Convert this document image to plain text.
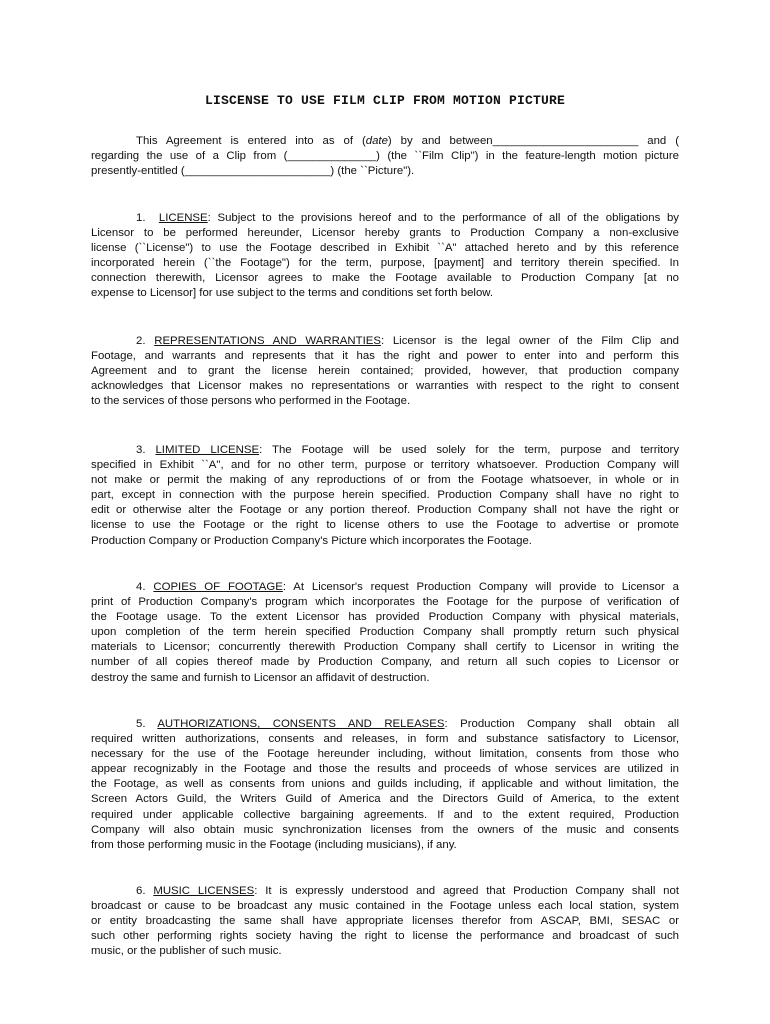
LISCENSE TO USE FILM CLIP FROM MOTION PICTURE
This Agreement is entered into as of (date) by and between_______________________ and (
regarding the use of a Clip from (______________) (the ``Film Clip") in the feature-length motion picture
presently-entitled (_______________________) (the ``Picture").
1. LICENSE: Subject to the provisions hereof and to the performance of all of the obligations by
Licensor to be performed hereunder, Licensor hereby grants to Production Company a non-exclusive
license (``License") to use the Footage described in Exhibit ``A" attached hereto and by this reference
incorporated herein (``the Footage") for the term, purpose, [payment] and territory therein specified. In
connection therewith, Licensor agrees to make the Footage available to Production Company [at no
expense to Licensor] for use subject to the terms and conditions set forth below.
2. REPRESENTATIONS AND WARRANTIES: Licensor is the legal owner of the Film Clip and
Footage, and warrants and represents that it has the right and power to enter into and perform this
Agreement and to grant the license herein contained; provided, however, that production company
acknowledges that Licensor makes no representations or warranties with respect to the right to consent
to the services of those persons who performed in the Footage.
3. LIMITED LICENSE: The Footage will be used solely for the term, purpose and territory
specified in Exhibit ``A", and for no other term, purpose or territory whatsoever. Production Company will
not make or permit the making of any reproductions of or from the Footage whatsoever, in whole or in
part, except in connection with the purpose herein specified. Production Company shall have no right to
edit or otherwise alter the Footage or any portion thereof. Production Company shall not have the right or
license to use the Footage or the right to license others to use the Footage to advertise or promote
Production Company or Production Company's Picture which incorporates the Footage.
4. COPIES OF FOOTAGE: At Licensor's request Production Company will provide to Licensor a
print of Production Company's program which incorporates the Footage for the purpose of verification of
the Footage usage. To the extent Licensor has provided Production Company with physical materials,
upon completion of the term herein specified Production Company shall promptly return such physical
materials to Licensor; concurrently therewith Production Company shall certify to Licensor in writing the
number of all copies thereof made by Production Company, and return all such copies to Licensor or
destroy the same and furnish to Licensor an affidavit of destruction.
5. AUTHORIZATIONS, CONSENTS AND RELEASES: Production Company shall obtain all
required written authorizations, consents and releases, in form and substance satisfactory to Licensor,
necessary for the use of the Footage hereunder including, without limitation, consents from those who
appear recognizably in the Footage and those the results and proceeds of whose services are utilized in
the Footage, as well as consents from unions and guilds including, if applicable and without limitation, the
Screen Actors Guild, the Writers Guild of America and the Directors Guild of America, to the extent
required under applicable collective bargaining agreements. If and to the extent required, Production
Company will also obtain music synchronization licenses from the owners of the music and consents
from those performing music in the Footage (including musicians), if any.
6. MUSIC LICENSES: It is expressly understood and agreed that Production Company shall not
broadcast or cause to be broadcast any music contained in the Footage unless each local station, system
or entity broadcasting the same shall have appropriate licenses therefor from ASCAP, BMI, SESAC or
such other performing rights society having the right to license the performance and broadcast of such
music, or the publisher of such music.
